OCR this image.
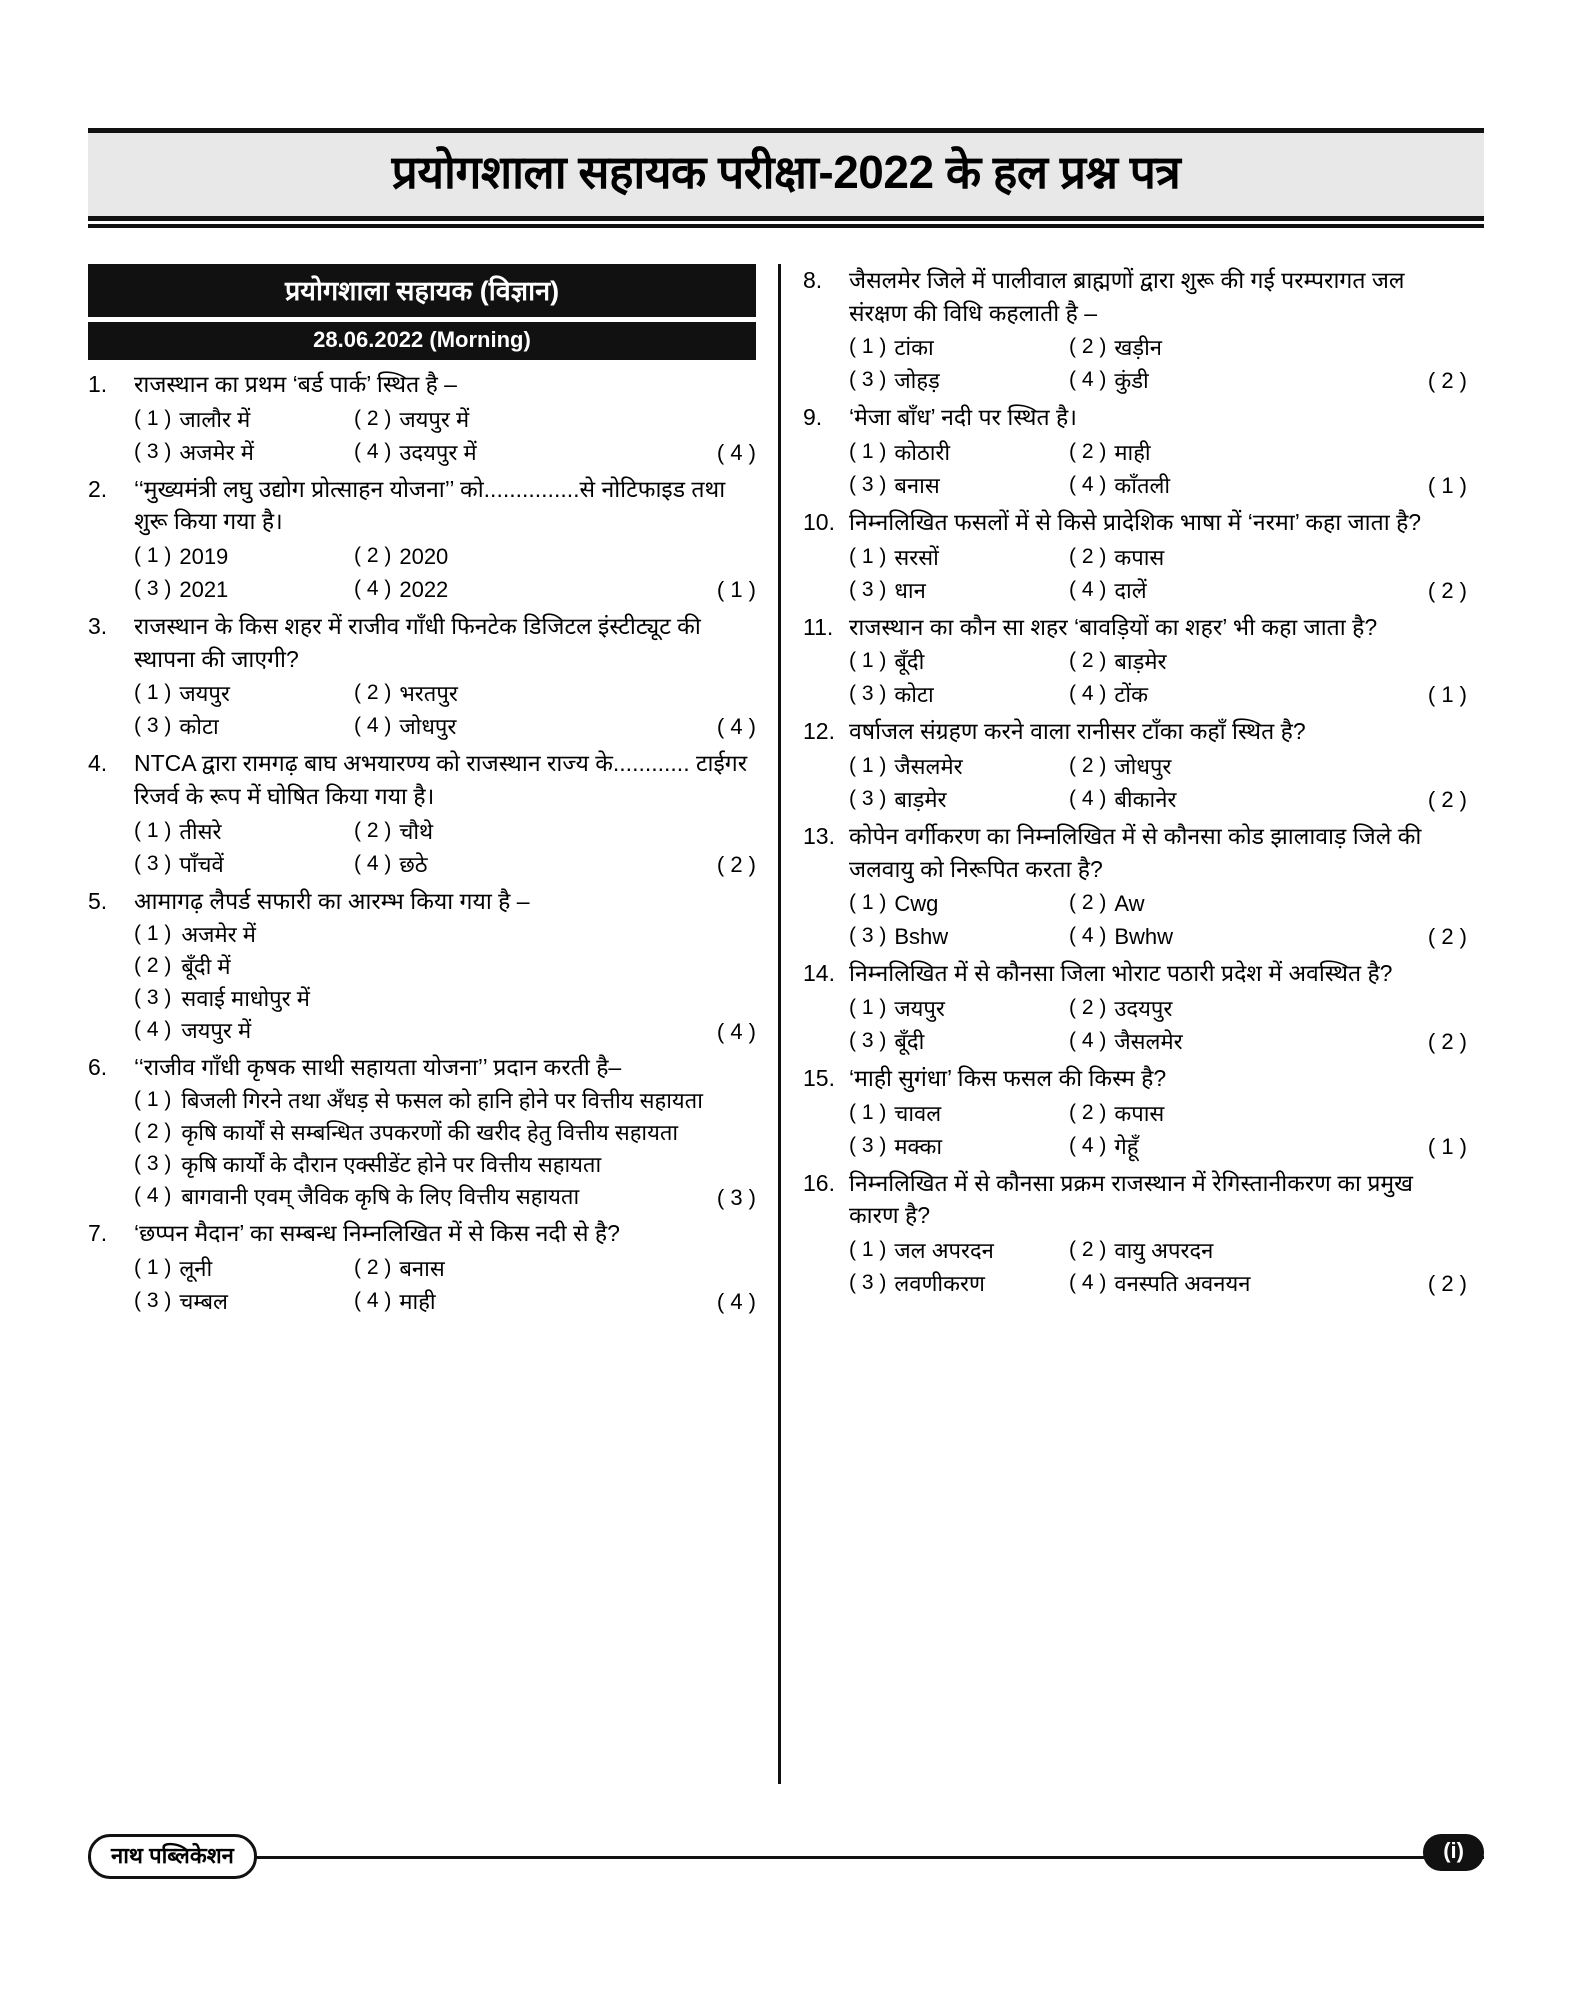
प्रयोगशाला सहायक परीक्षा-2022 के हल प्रश्न पत्र
प्रयोगशाला सहायक (विज्ञान)
28.06.2022 (Morning)
1.	राजस्थान का प्रथम ‘बर्ड पार्क’ स्थित है –
( 1 ) जालौर में	( 2 ) जयपुर में
( 3 ) अजमेर में	( 4 ) उदयपुर में	( 4 )
2.	‘‘मुख्यमंत्री लघु उद्योग प्रोत्साहन योजना’’ को...............से नोटिफाइड तथा शुरू किया गया है।
( 1 ) 2019	( 2 ) 2020
( 3 ) 2021	( 4 ) 2022	( 1 )
3.	राजस्थान के किस शहर में राजीव गाँधी फिनटेक डिजिटल इंस्टीट्यूट की स्थापना की जाएगी?
( 1 ) जयपुर	( 2 ) भरतपुर
( 3 ) कोटा	( 4 ) जोधपुर	( 4 )
4.	NTCA द्वारा रामगढ़ बाघ अभयारण्य को राजस्थान राज्य के............ टाईगर रिजर्व के रूप में घोषित किया गया है।
( 1 ) तीसरे	( 2 ) चौथे
( 3 ) पाँचवें	( 4 ) छठे	( 2 )
5.	आमागढ़ लैपर्ड सफारी का आरम्भ किया गया है –
( 1 ) अजमेर में
( 2 ) बूँदी में
( 3 ) सवाई माधोपुर में
( 4 ) जयपुर में	( 4 )
6.	‘‘राजीव गाँधी कृषक साथी सहायता योजना’’ प्रदान करती है–
( 1 ) बिजली गिरने तथा अँधड़ से फसल को हानि होने पर वित्तीय सहायता
( 2 ) कृषि कार्यों से सम्बन्धित उपकरणों की खरीद हेतु वित्तीय सहायता
( 3 ) कृषि कार्यों के दौरान एक्सीडेंट होने पर वित्तीय सहायता
( 4 ) बागवानी एवम् जैविक कृषि के लिए वित्तीय सहायता	( 3 )
7.	‘छप्पन मैदान’ का सम्बन्ध निम्नलिखित में से किस नदी से है?
( 1 ) लूनी	( 2 ) बनास
( 3 ) चम्बल	( 4 ) माही	( 4 )
8.	जैसलमेर जिले में पालीवाल ब्राह्मणों द्वारा शुरू की गई परम्परागत जल संरक्षण की विधि कहलाती है –
( 1 ) टांका	( 2 ) खड़ीन
( 3 ) जोहड़	( 4 ) कुंडी	( 2 )
9.	‘मेजा बाँध’ नदी पर स्थित है।
( 1 ) कोठारी	( 2 ) माही
( 3 ) बनास	( 4 ) काँतली	( 1 )
10. निम्नलिखित फसलों में से किसे प्रादेशिक भाषा में ‘नरमा’ कहा जाता है?
( 1 ) सरसों	( 2 ) कपास
( 3 ) धान	( 4 ) दालें	( 2 )
11. राजस्थान का कौन सा शहर ‘बावड़ियों का शहर’ भी कहा जाता है?
( 1 ) बूँदी	( 2 ) बाड़मेर
( 3 ) कोटा	( 4 ) टोंक	( 1 )
12. वर्षाजल संग्रहण करने वाला रानीसर टाँका कहाँ स्थित है?
( 1 ) जैसलमेर	( 2 ) जोधपुर
( 3 ) बाड़मेर	( 4 ) बीकानेर	( 2 )
13. कोपेन वर्गीकरण का निम्नलिखित में से कौनसा कोड झालावाड़ जिले की जलवायु को निरूपित करता है?
( 1 ) Cwg	( 2 ) Aw
( 3 ) Bshw	( 4 ) Bwhw	( 2 )
14. निम्नलिखित में से कौनसा जिला भोराट पठारी प्रदेश में अवस्थित है?
( 1 ) जयपुर	( 2 ) उदयपुर
( 3 ) बूँदी	( 4 ) जैसलमेर	( 2 )
15. ‘माही सुगंधा’ किस फसल की किस्म है?
( 1 ) चावल	( 2 ) कपास
( 3 ) मक्का	( 4 ) गेहूँ	( 1 )
16. निम्नलिखित में से कौनसा प्रक्रम राजस्थान में रेगिस्तानीकरण का प्रमुख कारण है?
( 1 ) जल अपरदन	( 2 ) वायु अपरदन
( 3 ) लवणीकरण	( 4 ) वनस्पति अवनयन	( 2 )
नाथ पब्लिकेशन	(i)
